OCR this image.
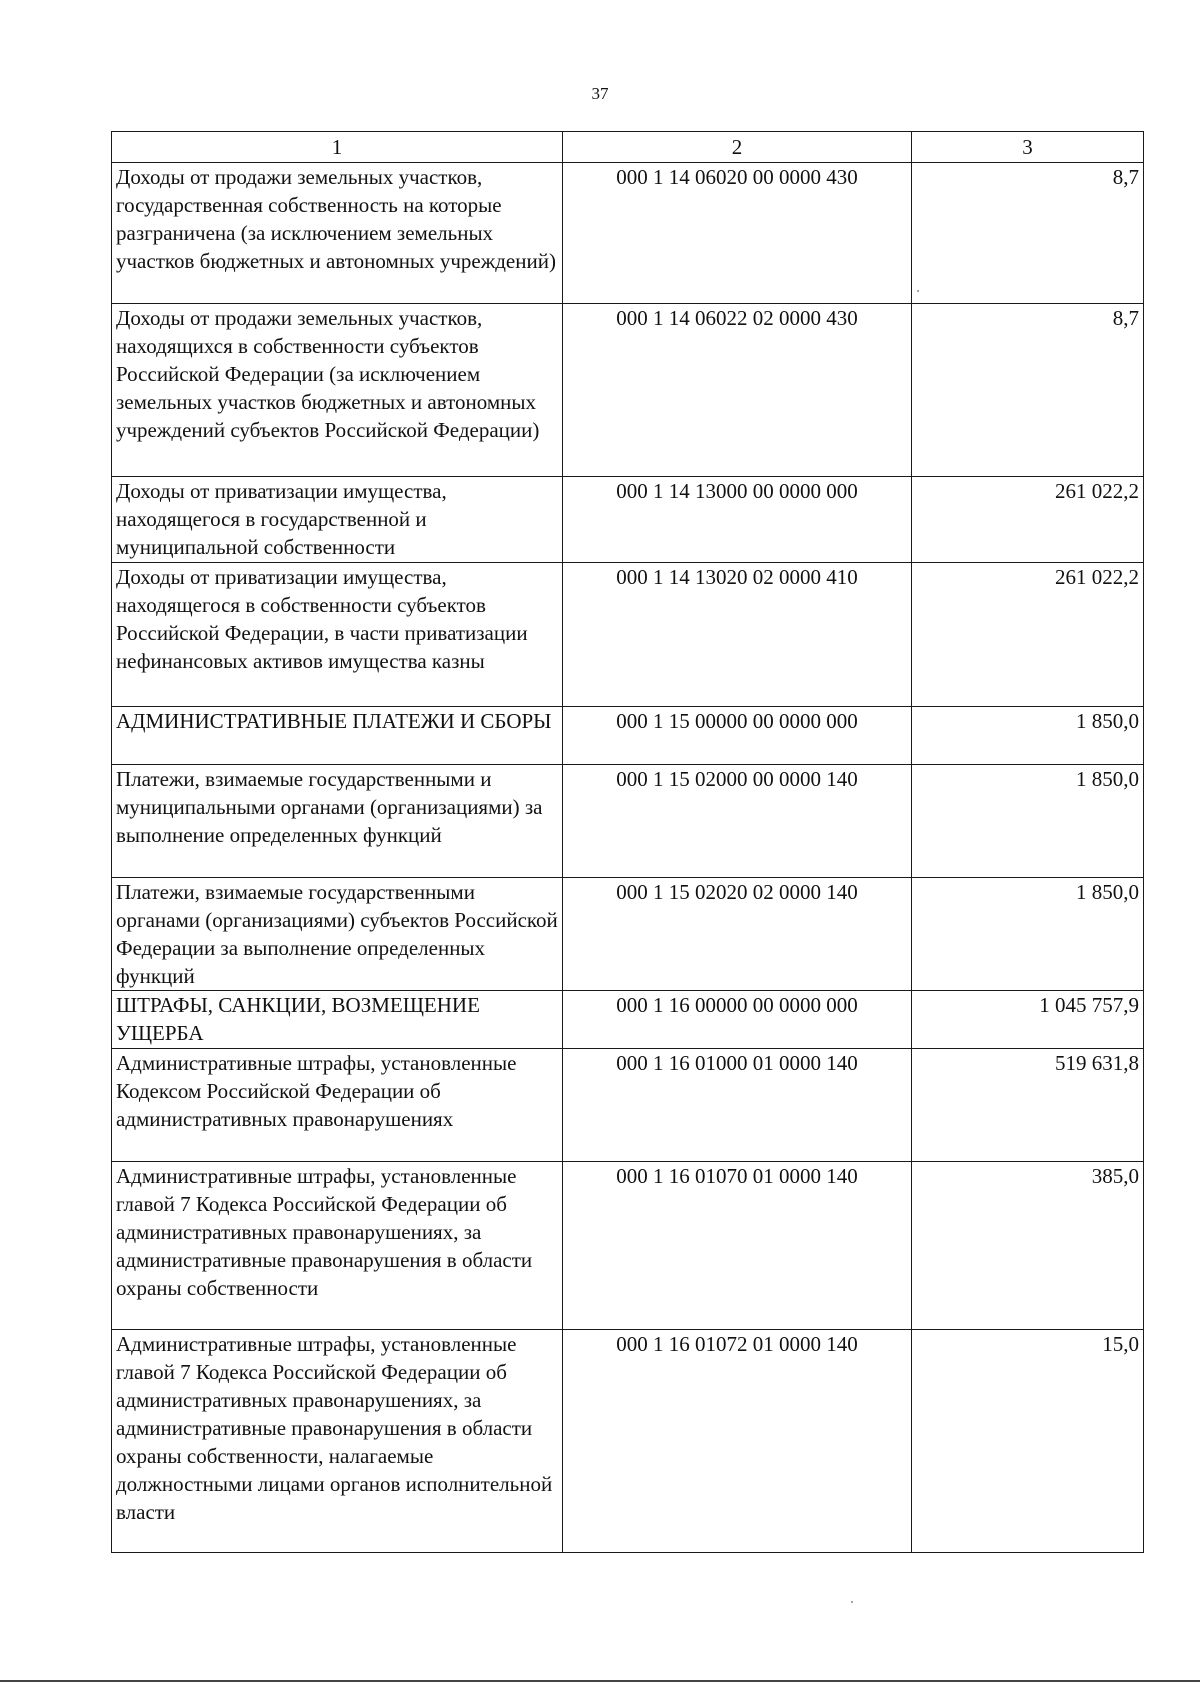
37
1	2	3
Доходы от продажи земельных участков, государственная собственность на которые разграничена (за исключением земельных участков бюджетных и автономных учреждений)	000 1 14 06020 00 0000 430	8,7
Доходы от продажи земельных участков, находящихся в собственности субъектов Российской Федерации (за исключением земельных участков бюджетных и автономных учреждений субъектов Российской Федерации)	000 1 14 06022 02 0000 430	8,7
Доходы от приватизации имущества, находящегося в государственной и муниципальной собственности	000 1 14 13000 00 0000 000	261 022,2
Доходы от приватизации имущества, находящегося в собственности субъектов Российской Федерации, в части приватизации нефинансовых активов имущества казны	000 1 14 13020 02 0000 410	261 022,2
АДМИНИСТРАТИВНЫЕ ПЛАТЕЖИ И СБОРЫ	000 1 15 00000 00 0000 000	1 850,0
Платежи, взимаемые государственными и муниципальными органами (организациями) за выполнение определенных функций	000 1 15 02000 00 0000 140	1 850,0
Платежи, взимаемые государственными органами (организациями) субъектов Российской Федерации за выполнение определенных функций	000 1 15 02020 02 0000 140	1 850,0
ШТРАФЫ, САНКЦИИ, ВОЗМЕЩЕНИЕ УЩЕРБА	000 1 16 00000 00 0000 000	1 045 757,9
Административные штрафы, установленные Кодексом Российской Федерации об административных правонарушениях	000 1 16 01000 01 0000 140	519 631,8
Административные штрафы, установленные главой 7 Кодекса Российской Федерации об административных правонарушениях, за административные правонарушения в области охраны собственности	000 1 16 01070 01 0000 140	385,0
Административные штрафы, установленные главой 7 Кодекса Российской Федерации об административных правонарушениях, за административные правонарушения в области охраны собственности, налагаемые должностными лицами органов исполнительной власти	000 1 16 01072 01 0000 140	15,0
